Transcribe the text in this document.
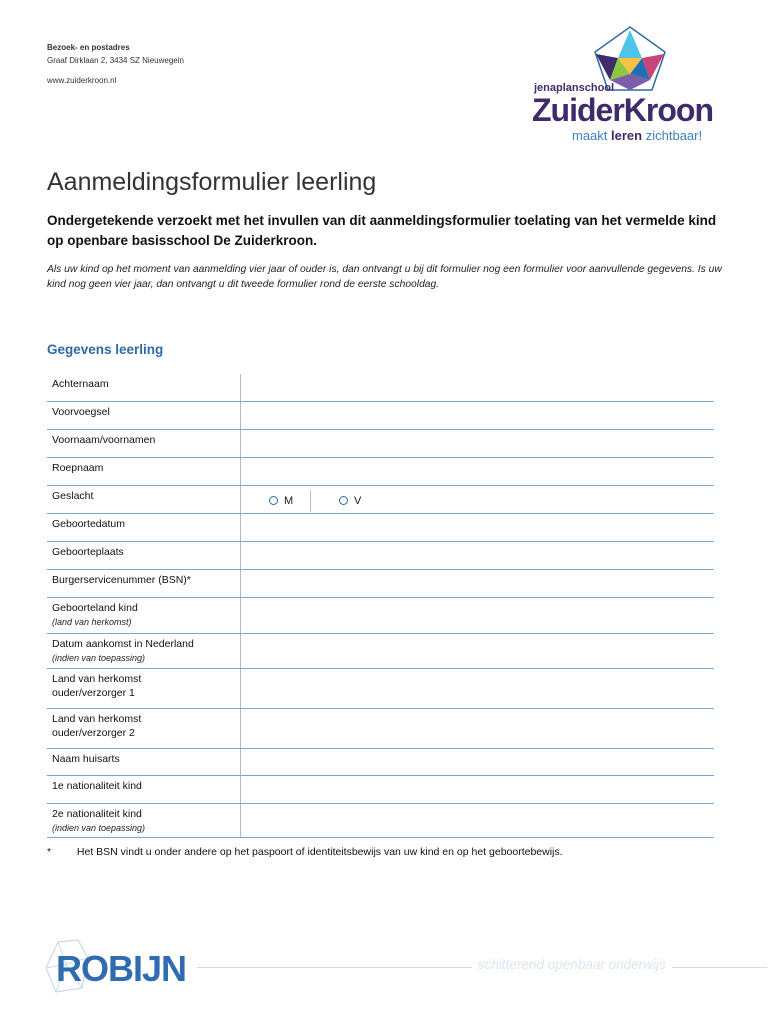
Bezoek- en postadres
Graaf Dirklaan 2, 3434 SZ Nieuwegein
www.zuiderkroon.nl
jenaplanschool
ZuiderKroon
maakt leren zichtbaar!
Aanmeldingsformulier leerling
Ondergetekende verzoekt met het invullen van dit aanmeldingsformulier toelating van het vermelde kind op openbare basisschool De Zuiderkroon.
Als uw kind op het moment van aanmelding vier jaar of ouder is, dan ontvangt u bij dit formulier nog een formulier voor aanvullende gegevens. Is uw kind nog geen vier jaar, dan ontvangt u dit tweede formulier rond de eerste schooldag.
Gegevens leerling
Achternaam
Voorvoegsel
Voornaam/voornamen
Roepnaam
Geslacht	M	V
Geboortedatum
Geboorteplaats
Burgerservicenummer (BSN)*
Geboorteland kind
(land van herkomst)
Datum aankomst in Nederland
(indien van toepassing)
Land van herkomst
ouder/verzorger 1
Land van herkomst
ouder/verzorger 2
Naam huisarts
1e nationaliteit kind
2e nationaliteit kind
(indien van toepassing)
* Het BSN vindt u onder andere op het paspoort of identiteitsbewijs van uw kind en op het geboortebewijs.
ROBIJN	schitterend openbaar onderwijs
